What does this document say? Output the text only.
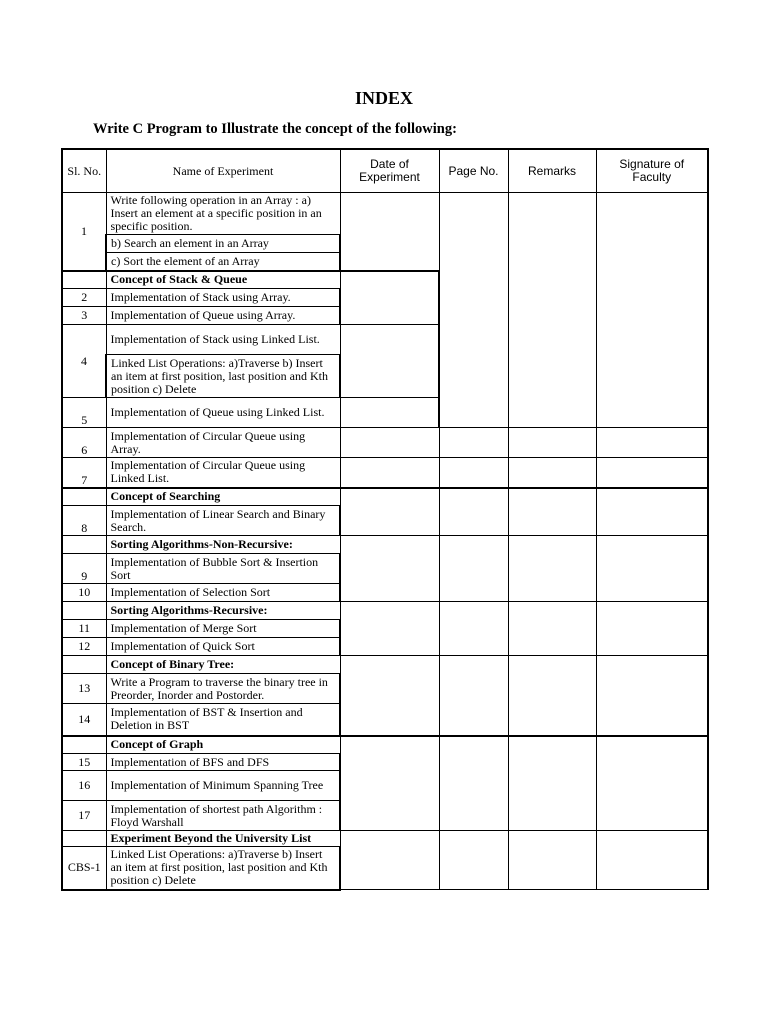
INDEX
Write C Program to Illustrate the concept of the following:
Sl. No.	Name of Experiment	Date of Experiment	Page No.	Remarks	Signature of Faculty
1	Write following operation in an Array : a) Insert an element at a specific position in an specific position.				
	b) Search an element in an Array				
	c) Sort the element of an Array				
	Concept of Stack & Queue				
2	Implementation of Stack using Array.				
3	Implementation of Queue using Array.				
4	Implementation of Stack using Linked List.				
	Linked List Operations: a)Traverse b) Insert an item at first position, last position and Kth position c) Delete				
5	Implementation of Queue using Linked List.				
6	Implementation of Circular Queue using Array.				
7	Implementation of Circular Queue using Linked List.				
	Concept of Searching				
8	Implementation of Linear Search and Binary Search.				
	Sorting Algorithms-Non-Recursive:				
9	Implementation of Bubble Sort & Insertion Sort				
10	Implementation of Selection Sort				
	Sorting Algorithms-Recursive:				
11	Implementation of Merge Sort				
12	Implementation of Quick Sort				
	Concept of Binary Tree:				
13	Write a Program to traverse the binary tree in Preorder, Inorder and Postorder.				
14	Implementation of BST & Insertion and Deletion in BST				
	Concept of Graph				
15	Implementation of BFS and DFS				
16	Implementation of Minimum Spanning Tree				
17	Implementation of shortest path Algorithm : Floyd Warshall				
	Experiment Beyond the University List				
CBS-1	Linked List Operations: a)Traverse b) Insert an item at first position, last position and Kth position c) Delete				
